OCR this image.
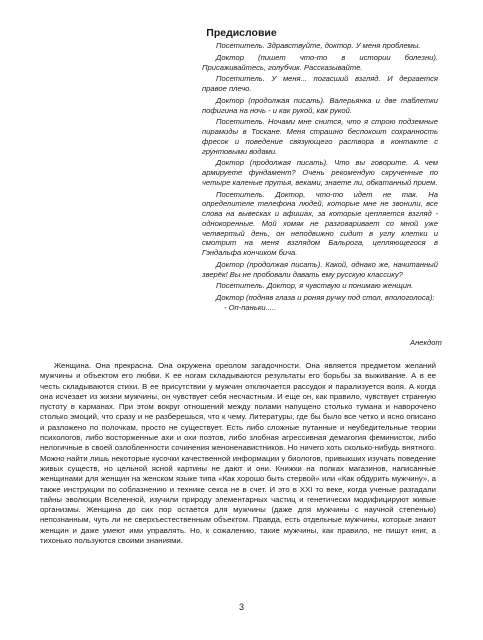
Предисловие

Посетитель. Здравствуйте, доктор. У меня проблемы.

Доктор (пишет что-то в истории болезни). Присаживайтесь, голубчик. Рассказывайте.

Посетитель. У меня... погасший взгляд. И дергается правое плечо.

Доктор (продолжая писать). Валерьянка и две таблетки пофигина на ночь - и как рукой, как рукой.

Посетитель. Ночами мне снится, что я строю подземные пирамиды в Тоскане. Меня страшно беспокоит сохранность фресок и поведение связующего раствора в контакте с грунтовыми водами.

Доктор (продолжая писать). Что вы говорите. А чем армируете фундамент? Очень рекомендую скрученные по четыре каленые прутья, веками, знаете ли, обкатанный прием.

Посетитель. Доктор, что-то идет не так. На определителе телефона людей, которые мне не звонили, все слова на вывесках и афишах, за которые цепляется взгляд - однокоренные. Мой хомяк не разговаривает со мной уже четвертый день, он неподвижно сидит в углу клетки и смотрит на меня взглядом Бальрога, цепляющегося в Гэндальфа кончиком бича.

Доктор (продолжая писать). Какой, однако же, начитанный зверёк! Вы не пробовали давать ему русскую классику?

Посетитель. Доктор, я чувствую и понимаю женщин.

Доктор (подняв глаза и роняя ручку под стол, впологолоса):

- Оп-паньки.....

Анекдот

Женщина. Она прекрасна. Она окружена ореолом загадочности. Она является предметом желаний мужчины и объектом его любви. К ее ногам складываются результаты его борьбы за выживание. А в ее честь складываются стихи. В ее присутствии у мужчин отключается рассудок и парализуется воля. А когда она исчезает из жизни мужчины, он чувствует себя несчастным. И еще он, как правило, чувствует странную пустоту в карманах. При этом вокруг отношений между полами напущено столько тумана и наворочено столько эмоций, что сразу и не разберешься, что к чему. Литературы, где бы было все четко и ясно описано и разложено по полочкам, просто не существует. Есть либо сложные путанные и неубедительные теории психологов, либо восторженные ахи и охи поэтов, либо злобная агрессивная демагогия феминисток, либо нелогичные в своей озлобленности сочинения женоненавистников. Но ничего хоть сколько-нибудь внятного. Можно найти лишь некоторые кусочки качественной информации у биологов, привыкших изучать поведение живых существ, но цельной ясной картины не дают и они. Книжки на полках магазинов, написанные женщинами для женщин на женском языке типа «Как хорошо быть стервой» или «Как обдурить мужчину», а также инструкции по соблазнению и технике секса не в счет. И это в XXI то веке, когда ученые разгадали тайны эволюции Вселенной, изучили природу элементарных частиц и генетически модифицируют живые организмы. Женщина до сих пор остается для мужчины (даже для мужчины с научной степенью) непознанным, чуть ли не сверхъестественным объектом. Правда, есть отдельные мужчины, которые знают женщин и даже умеют ими управлять. Но, к сожалению, такие мужчины, как правило, не пишут книг, а тихонько пользуются своими знаниями.

3
